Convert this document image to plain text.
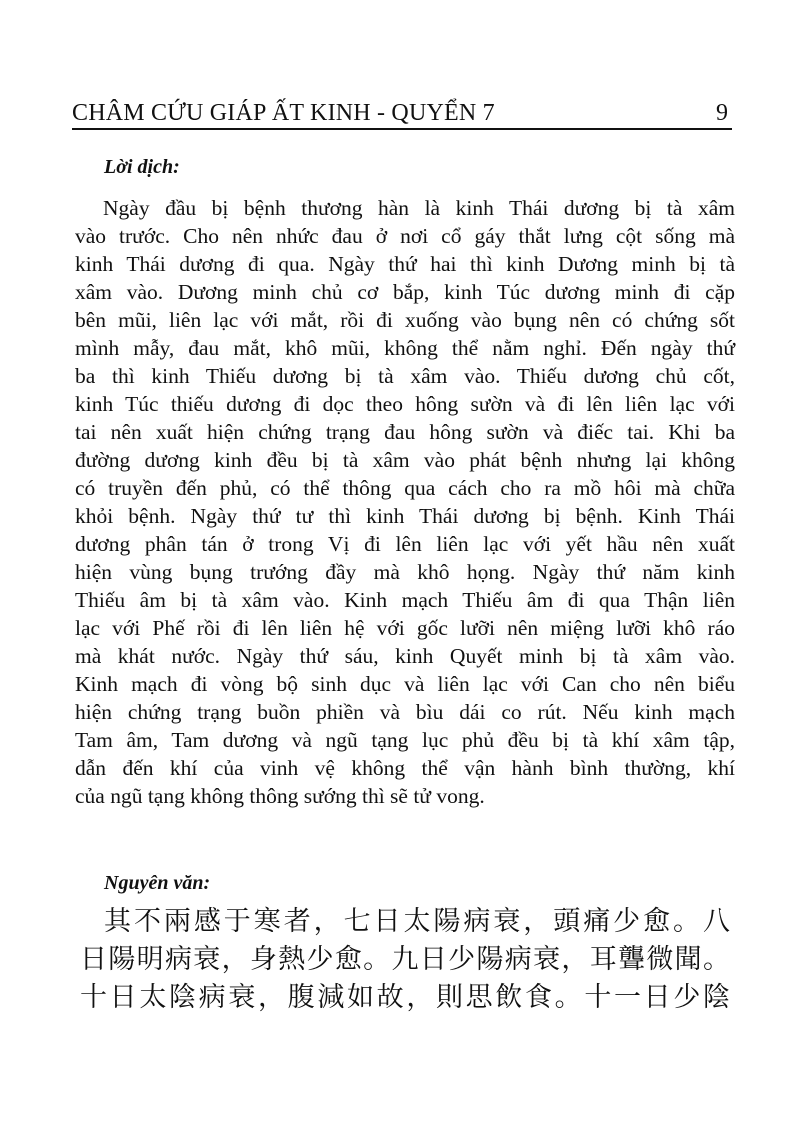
CHÂM CỨU GIÁP ẤT KINH - QUYỂN 7	9
Lời dịch:
Ngày đầu bị bệnh thương hàn là kinh Thái dương bị tà xâm
vào trước. Cho nên nhức đau ở nơi cổ gáy thắt lưng cột sống mà
kinh Thái dương đi qua. Ngày thứ hai thì kinh Dương minh bị tà
xâm vào. Dương minh chủ cơ bắp, kinh Túc dương minh đi cặp
bên mũi, liên lạc với mắt, rồi đi xuống vào bụng nên có chứng sốt
mình mẫy, đau mắt, khô mũi, không thể nằm nghỉ. Đến ngày thứ
ba thì kinh Thiếu dương bị tà xâm vào. Thiếu dương chủ cốt,
kinh Túc thiếu dương đi dọc theo hông sườn và đi lên liên lạc với
tai nên xuất hiện chứng trạng đau hông sườn và điếc tai. Khi ba
đường dương kinh đều bị tà xâm vào phát bệnh nhưng lại không
có truyền đến phủ, có thể thông qua cách cho ra mồ hôi mà chữa
khỏi bệnh. Ngày thứ tư thì kinh Thái dương bị bệnh. Kinh Thái
dương phân tán ở trong Vị đi lên liên lạc với yết hầu nên xuất
hiện vùng bụng trướng đầy mà khô họng. Ngày thứ năm kinh
Thiếu âm bị tà xâm vào. Kinh mạch Thiếu âm đi qua Thận liên
lạc với Phế rồi đi lên liên hệ với gốc lưỡi nên miệng lưỡi khô ráo
mà khát nước. Ngày thứ sáu, kinh Quyết minh bị tà xâm vào.
Kinh mạch đi vòng bộ sinh dục và liên lạc với Can cho nên biểu
hiện chứng trạng buồn phiền và bìu dái co rút. Nếu kinh mạch
Tam âm, Tam dương và ngũ tạng lục phủ đều bị tà khí xâm tập,
dẫn đến khí của vinh vệ không thể vận hành bình thường, khí
của ngũ tạng không thông sướng thì sẽ tử vong.
Nguyên văn:
其不兩感于寒者，七日太陽病衰，頭痛少愈。八
日陽明病衰，身熱少愈。九日少陽病衰，耳聾微聞。
十日太陰病衰，腹減如故，則思飲食。十一日少陰
